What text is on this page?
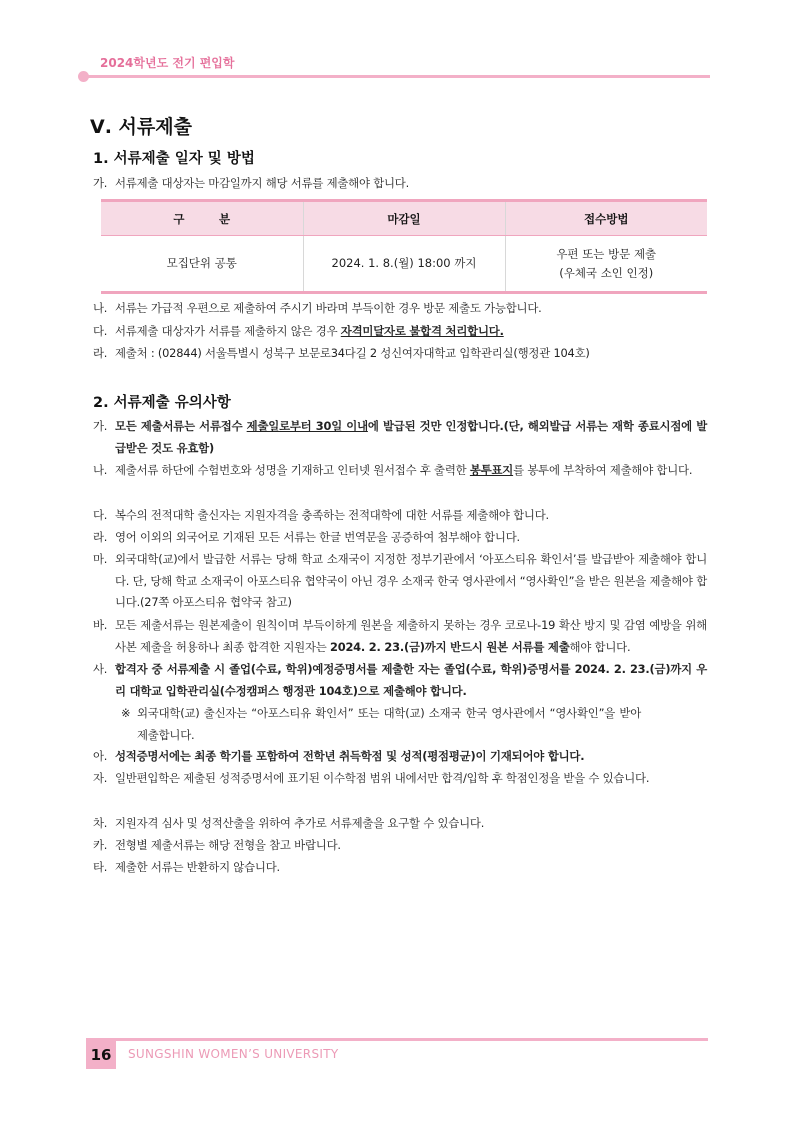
2024학년도 전기 편입학
Ⅴ. 서류제출
1. 서류제출 일자 및 방법
가. 서류제출 대상자는 마감일까지 해당 서류를 제출해야 합니다.
구　　　분	마감일	접수방법
모집단위 공통	2024. 1. 8.(월) 18:00 까지	우편 또는 방문 제출
(우체국 소인 인정)
나. 서류는 가급적 우편으로 제출하여 주시기 바라며 부득이한 경우 방문 제출도 가능합니다.
다. 서류제출 대상자가 서류를 제출하지 않은 경우 자격미달자로 불합격 처리합니다.
라. 제출처 : (02844) 서울특별시 성북구 보문로34다길 2 성신여자대학교 입학관리실(행정관 104호)
2. 서류제출 유의사항
가. 모든 제출서류는 서류접수 제출일로부터 30일 이내에 발급된 것만 인정합니다.(단, 해외발급 서류는 재학 종료시점에 발급받은 것도 유효함)
나. 제출서류 하단에 수험번호와 성명을 기재하고 인터넷 원서접수 후 출력한 봉투표지를 봉투에 부착하여 제출해야 합니다.
다. 복수의 전적대학 출신자는 지원자격을 충족하는 전적대학에 대한 서류를 제출해야 합니다.
라. 영어 이외의 외국어로 기재된 모든 서류는 한글 번역문을 공증하여 첨부해야 합니다.
마. 외국대학(교)에서 발급한 서류는 당해 학교 소재국이 지정한 정부기관에서 ‘아포스티유 확인서’를 발급받아 제출해야 합니다. 단, 당해 학교 소재국이 아포스티유 협약국이 아닌 경우 소재국 한국 영사관에서 “영사확인”을 받은 원본을 제출해야 합니다.(27쪽 아포스티유 협약국 참고)
바. 모든 제출서류는 원본제출이 원칙이며 부득이하게 원본을 제출하지 못하는 경우 코로나-19 확산 방지 및 감염 예방을 위해 사본 제출을 허용하나 최종 합격한 지원자는 2024. 2. 23.(금)까지 반드시 원본 서류를 제출해야 합니다.
사. 합격자 중 서류제출 시 졸업(수료, 학위)예정증명서를 제출한 자는 졸업(수료, 학위)증명서를 2024. 2. 23.(금)까지 우리 대학교 입학관리실(수정캠퍼스 행정관 104호)으로 제출해야 합니다.
※ 외국대학(교) 출신자는 “아포스티유 확인서” 또는 대학(교) 소재국 한국 영사관에서 “영사확인”을 받아 제출합니다.
아. 성적증명서에는 최종 학기를 포함하여 전학년 취득학점 및 성적(평점평균)이 기재되어야 합니다.
자. 일반편입학은 제출된 성적증명서에 표기된 이수학점 범위 내에서만 합격/입학 후 학점인정을 받을 수 있습니다.
차. 지원자격 심사 및 성적산출을 위하여 추가로 서류제출을 요구할 수 있습니다.
카. 전형별 제출서류는 해당 전형을 참고 바랍니다.
타. 제출한 서류는 반환하지 않습니다.
16	SUNGSHIN WOMEN’S UNIVERSITY
